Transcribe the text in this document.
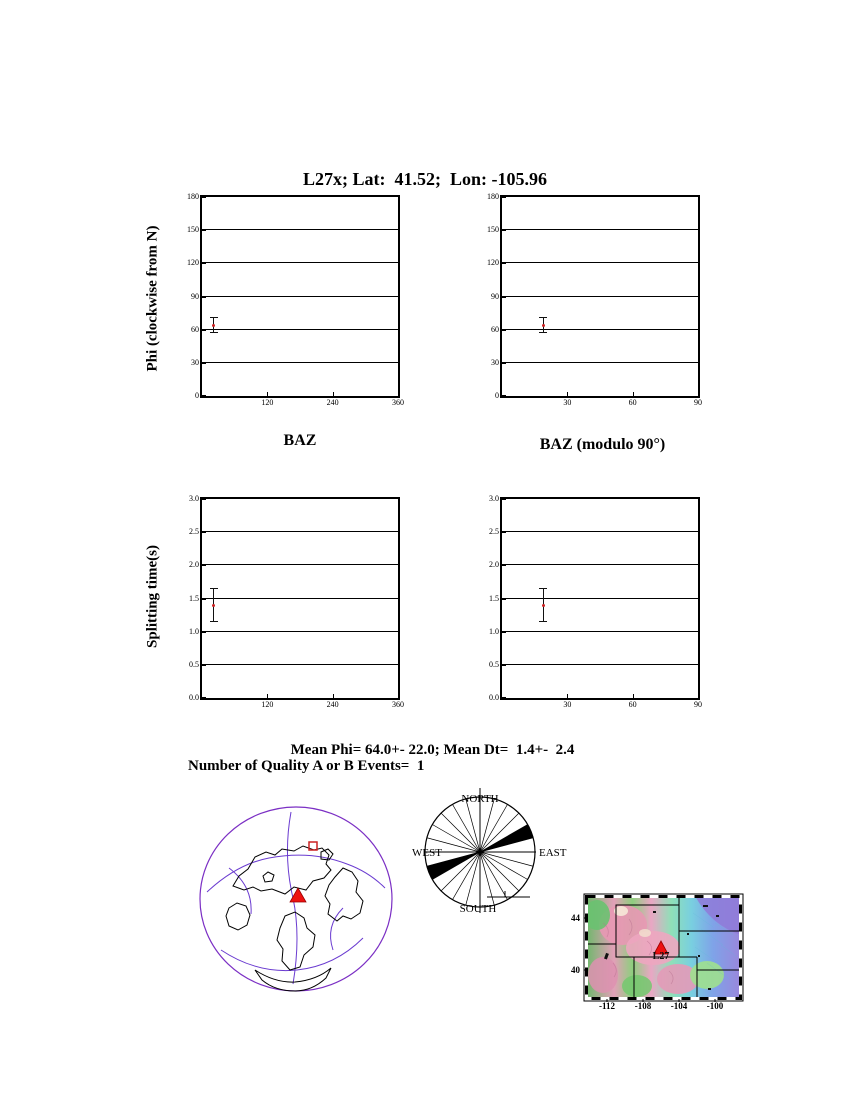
L27x; Lat:  41.52;  Lon: -105.96
Phi (clockwise from N)
Splitting time(s)
0
30
60
90
120
150
180
120	240	360
0
30
60
90
120
150
180
30	60	90
0.0
0.5
1.0
1.5
2.0
2.5
3.0
120	240	360
0.0
0.5
1.0
1.5
2.0
2.5
3.0
30	60	90
BAZ	BAZ (modulo 90°)
Mean Phi= 64.0+- 22.0; Mean Dt=  1.4+-  2.4
Number of Quality A or B Events=  1
NORTH
EAST
SOUTH
WEST
-112	-108	-104	-100
44
40
L27
